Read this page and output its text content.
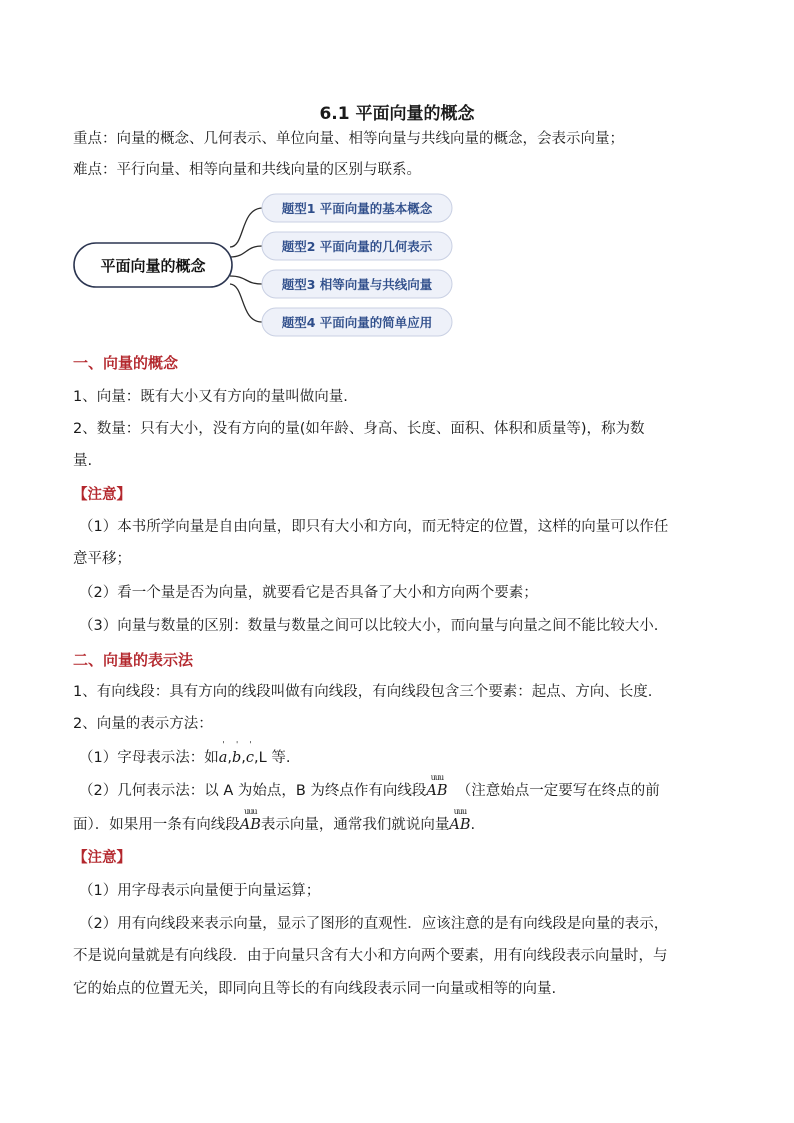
6.1 平面向量的概念
重点：向量的概念、几何表示、单位向量、相等向量与共线向量的概念，会表示向量；
难点：平行向量、相等向量和共线向量的区别与联系。
平面向量的概念
题型1 平面向量的基本概念
题型2 平面向量的几何表示
题型3 相等向量与共线向量
题型4 平面向量的简单应用
一、向量的概念
1、向量：既有大小又有方向的量叫做向量.
2、数量：只有大小，没有方向的量(如年龄、身高、长度、面积、体积和质量等)，称为数
量.
【注意】
（1）本书所学向量是自由向量，即只有大小和方向，而无特定的位置，这样的向量可以作任
意平移；
（2）看一个量是否为向量，就要看它是否具备了大小和方向两个要素；
（3）向量与数量的区别：数量与数量之间可以比较大小，而向量与向量之间不能比较大小.
二、向量的表示法
1、有向线段：具有方向的线段叫做有向线段，有向线段包含三个要素：起点、方向、长度.
2、向量的表示方法：
（1）字母表示法：如
'
a,
'
b,
'
c,L 等.
（2）几何表示法：以 A 为始点，B 为终点作有向线段
uuu
AB （注意始点一定要写在终点的前
面）．如果用一条有向线段
uuu
AB表示向量，通常我们就说向量
uuu
AB.
【注意】
（1）用字母表示向量便于向量运算；
（2）用有向线段来表示向量，显示了图形的直观性．应该注意的是有向线段是向量的表示，
不是说向量就是有向线段．由于向量只含有大小和方向两个要素，用有向线段表示向量时，与
它的始点的位置无关，即同向且等长的有向线段表示同一向量或相等的向量.
